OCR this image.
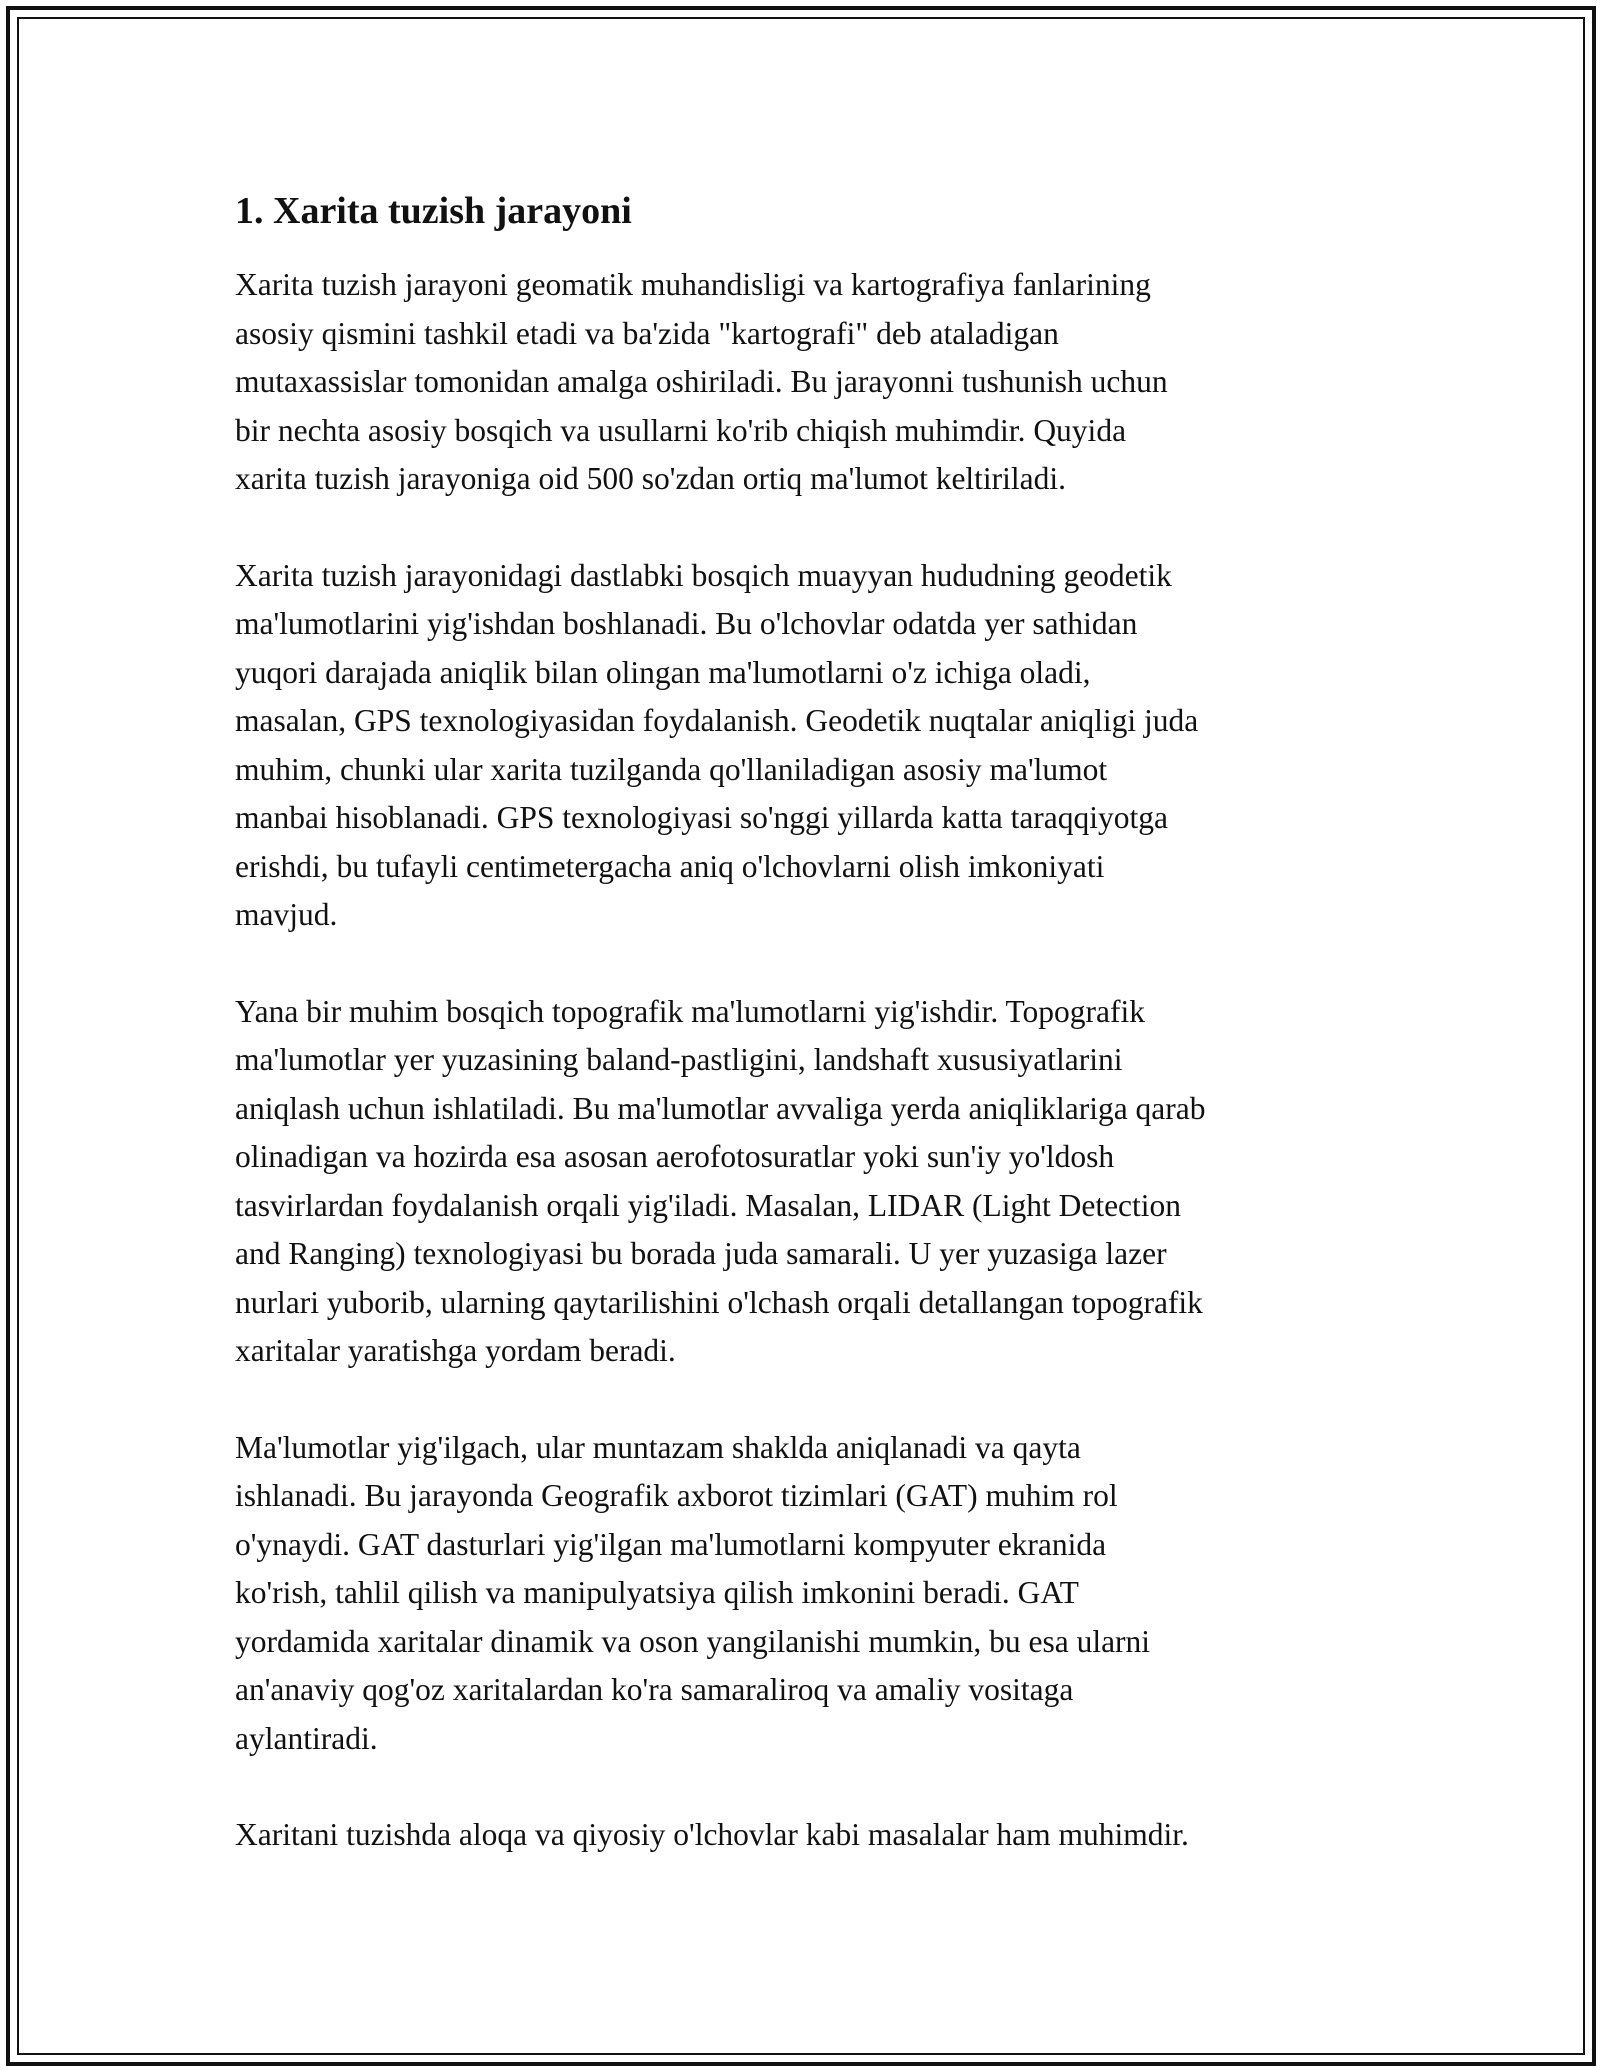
1. Xarita tuzish jarayoni

Xarita tuzish jarayoni geomatik muhandisligi va kartografiya fanlarining
asosiy qismini tashkil etadi va ba'zida "kartografi" deb ataladigan
mutaxassislar tomonidan amalga oshiriladi. Bu jarayonni tushunish uchun
bir nechta asosiy bosqich va usullarni ko'rib chiqish muhimdir. Quyida
xarita tuzish jarayoniga oid 500 so'zdan ortiq ma'lumot keltiriladi.

Xarita tuzish jarayonidagi dastlabki bosqich muayyan hududning geodetik
ma'lumotlarini yig'ishdan boshlanadi. Bu o'lchovlar odatda yer sathidan
yuqori darajada aniqlik bilan olingan ma'lumotlarni o'z ichiga oladi,
masalan, GPS texnologiyasidan foydalanish. Geodetik nuqtalar aniqligi juda
muhim, chunki ular xarita tuzilganda qo'llaniladigan asosiy ma'lumot
manbai hisoblanadi. GPS texnologiyasi so'nggi yillarda katta taraqqiyotga
erishdi, bu tufayli centimetergacha aniq o'lchovlarni olish imkoniyati
mavjud.

Yana bir muhim bosqich topografik ma'lumotlarni yig'ishdir. Topografik
ma'lumotlar yer yuzasining baland-pastligini, landshaft xususiyatlarini
aniqlash uchun ishlatiladi. Bu ma'lumotlar avvaliga yerda aniqliklariga qarab
olinadigan va hozirda esa asosan aerofotosuratlar yoki sun'iy yo'ldosh
tasvirlardan foydalanish orqali yig'iladi. Masalan, LIDAR (Light Detection
and Ranging) texnologiyasi bu borada juda samarali. U yer yuzasiga lazer
nurlari yuborib, ularning qaytarilishini o'lchash orqali detallangan topografik
xaritalar yaratishga yordam beradi.

Ma'lumotlar yig'ilgach, ular muntazam shaklda aniqlanadi va qayta
ishlanadi. Bu jarayonda Geografik axborot tizimlari (GAT) muhim rol
o'ynaydi. GAT dasturlari yig'ilgan ma'lumotlarni kompyuter ekranida
ko'rish, tahlil qilish va manipulyatsiya qilish imkonini beradi. GAT
yordamida xaritalar dinamik va oson yangilanishi mumkin, bu esa ularni
an'anaviy qog'oz xaritalardan ko'ra samaraliroq va amaliy vositaga
aylantiradi.

Xaritani tuzishda aloqa va qiyosiy o'lchovlar kabi masalalar ham muhimdir.
